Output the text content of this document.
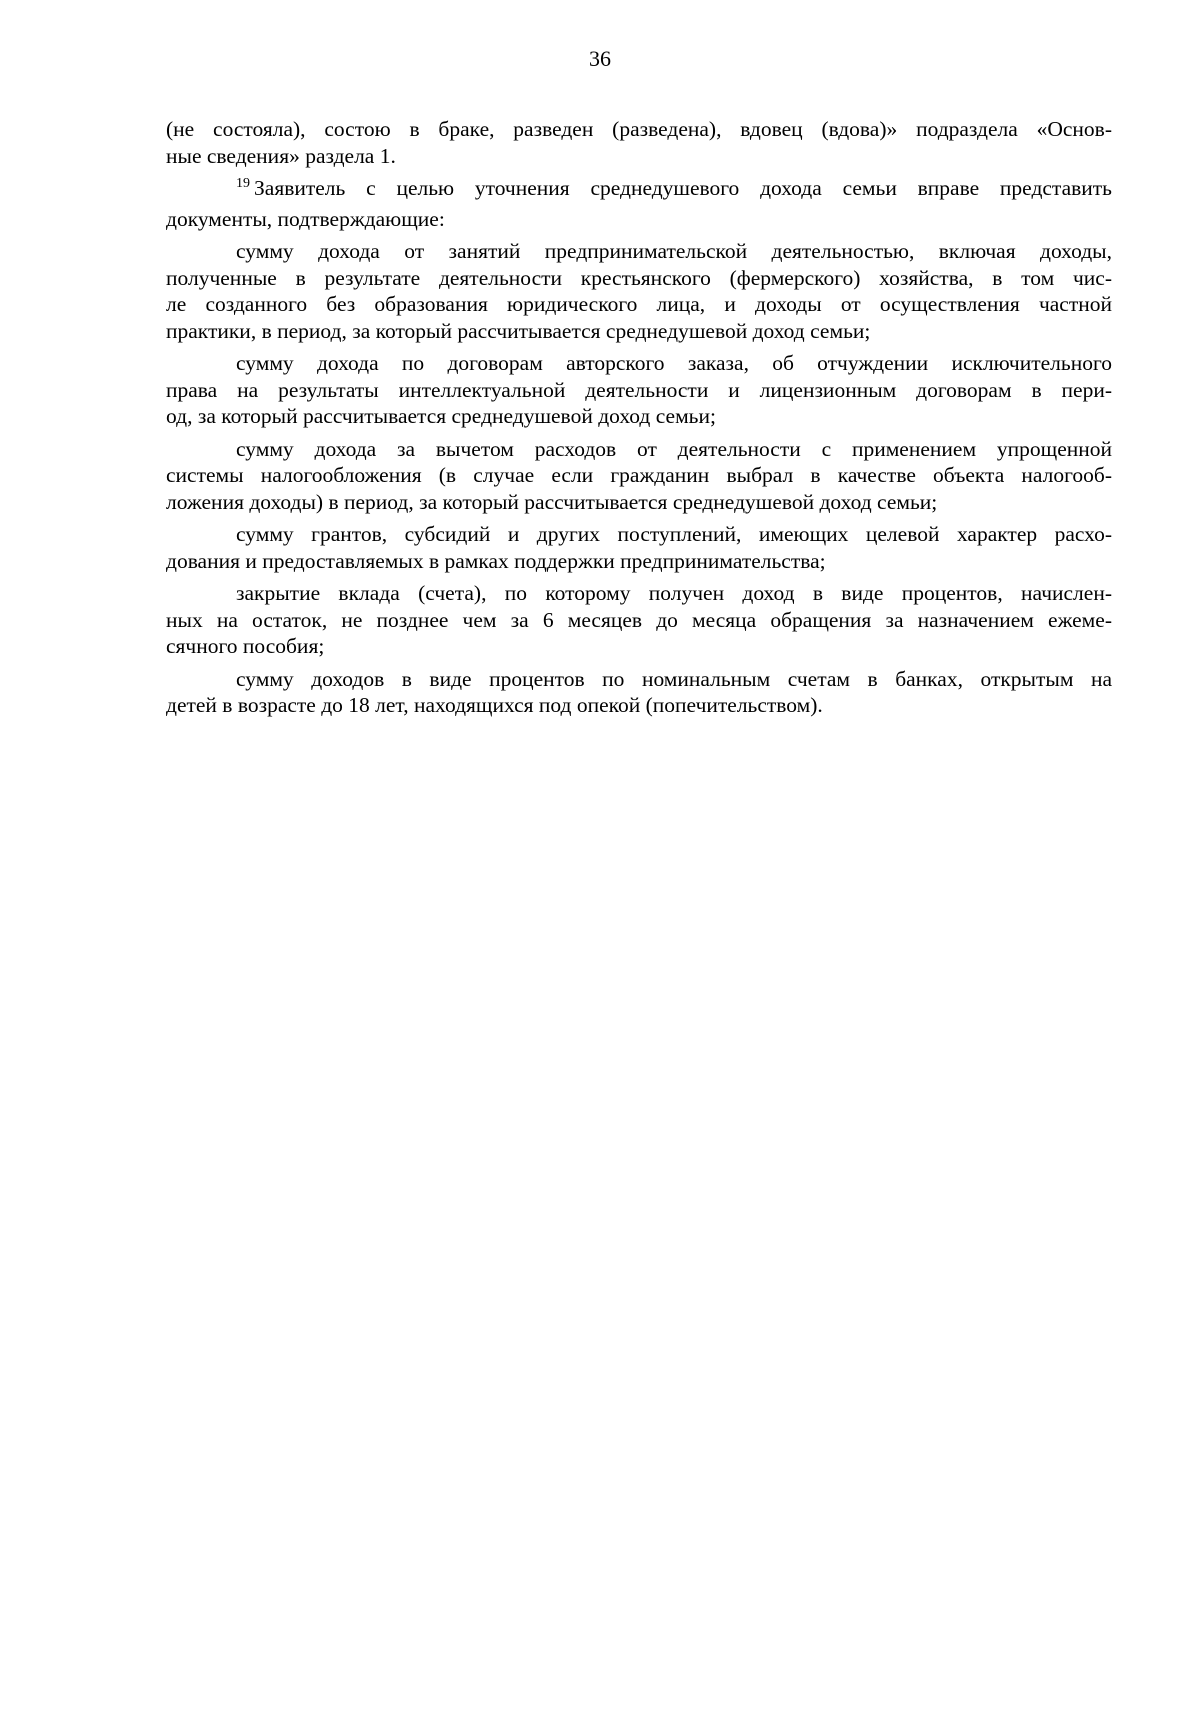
36
(не состояла), состою в браке, разведен (разведена), вдовец (вдова)» подраздела «Основ-
ные сведения» раздела 1.
$^{19}$ Заявитель с целью уточнения среднедушевого дохода семьи вправе представить
документы, подтверждающие:
сумму дохода от занятий предпринимательской деятельностью, включая доходы,
полученные в результате деятельности крестьянского (фермерского) хозяйства, в том чис-
ле созданного без образования юридического лица, и доходы от осуществления частной
практики, в период, за который рассчитывается среднедушевой доход семьи;
сумму дохода по договорам авторского заказа, об отчуждении исключительного
права на результаты интеллектуальной деятельности и лицензионным договорам в пери-
од, за который рассчитывается среднедушевой доход семьи;
сумму дохода за вычетом расходов от деятельности с применением упрощенной
системы налогообложения (в случае если гражданин выбрал в качестве объекта налогооб-
ложения доходы) в период, за который рассчитывается среднедушевой доход семьи;
сумму грантов, субсидий и других поступлений, имеющих целевой характер расхо-
дования и предоставляемых в рамках поддержки предпринимательства;
закрытие вклада (счета), по которому получен доход в виде процентов, начислен-
ных на остаток, не позднее чем за 6 месяцев до месяца обращения за назначением ежеме-
сячного пособия;
сумму доходов в виде процентов по номинальным счетам в банках, открытым на
детей в возрасте до 18 лет, находящихся под опекой (попечительством).
